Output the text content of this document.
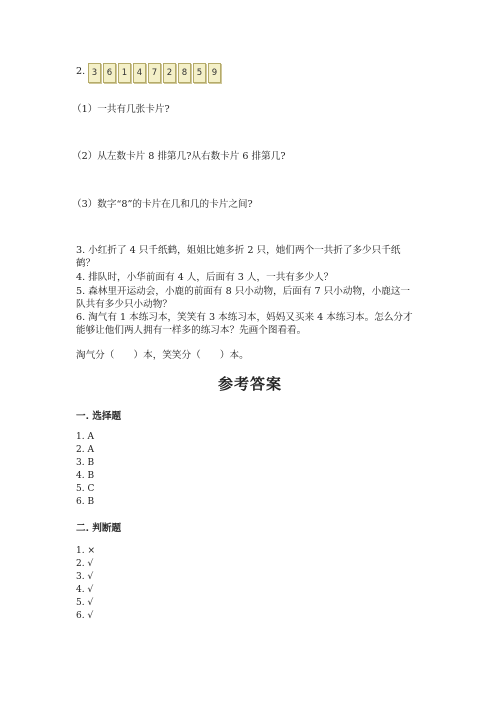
2. 3	6	1	4	7	2	8	5	9
（1）一共有几张卡片?
（2）从左数卡片 8 排第几?从右数卡片 6 排第几?
（3）数字“8”的卡片在几和几的卡片之间?
3. 小红折了 4 只千纸鹤，姐姐比她多折 2 只，她们两个一共折了多少只千纸
鹤？
4. 排队时，小华前面有 4 人，后面有 3 人，一共有多少人？
5. 森林里开运动会，小鹿的前面有 8 只小动物，后面有 7 只小动物，小鹿这一
队共有多少只小动物？
6. 淘气有 1 本练习本，笑笑有 3 本练习本，妈妈又买来 4 本练习本。怎么分才
能够让他们两人拥有一样多的练习本？先画个图看看。
淘气分（　　）本，笑笑分（　　）本。
参考答案
一. 选择题
1. A
2. A
3. B
4. B
5. C
6. B
二. 判断题
1. ×
2. √
3. √
4. √
5. √
6. √
